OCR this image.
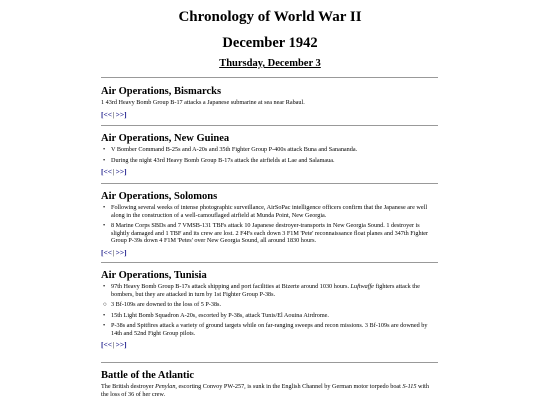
Chronology of World War II
December 1942
Thursday, December 3
Air Operations, Bismarcks

1 43rd Heavy Bomb Group B-17 attacks a Japanese submarine at sea near Rabaul.

[<<|>>]
Air Operations, New Guinea
• V Bomber Command B-25s and A-20s and 35th Fighter Group P-400s attack Buna and Sanananda.
• During the night 43rd Heavy Bomb Group B-17s attack the airfields at Lae and Salamaua.
[<<|>>]
Air Operations, Solomons
• Following several weeks of intense photographic surveillance, AirSoPac intelligence officers confirm that the Japanese are well along in the construction of a well-camouflaged airfield at Munda Point, New Georgia.
• 8 Marine Corps SBDs and 7 VMSB-131 TBFs attack 10 Japanese destroyer-transports in New Georgia Sound. 1 destroyer is slightly damaged and 1 TBF and its crew are lost. 2 F4Fs each down 3 F1M 'Pete' reconnaissance float planes and 347th Fighter Group P-39s down 4 F1M 'Petes' over New Georgia Sound, all around 1830 hours.
[<<|>>]
Air Operations, Tunisia
• 97th Heavy Bomb Group B-17s attack shipping and port facilities at Bizerte around 1030 hours. Luftwaffe fighters attack the bombers, but they are attacked in turn by 1st Fighter Group P-38s.
○ 3 Bf-109s are downed to the loss of 5 P-38s.
• 15th Light Bomb Squadron A-20s, escorted by P-38s, attack Tunis/El Aouina Airdrome.
• P-38s and Spitfires attack a variety of ground targets while on far-ranging sweeps and recon missions. 3 Bf-109s are downed by 14th and 52nd Fight Group pilots.
[<<|>>]
Battle of the Atlantic

The British destroyer Penylan, escorting Convoy PW-257, is sunk in the English Channel by German motor torpedo boat S-115 with the loss of 36 of her crew.
